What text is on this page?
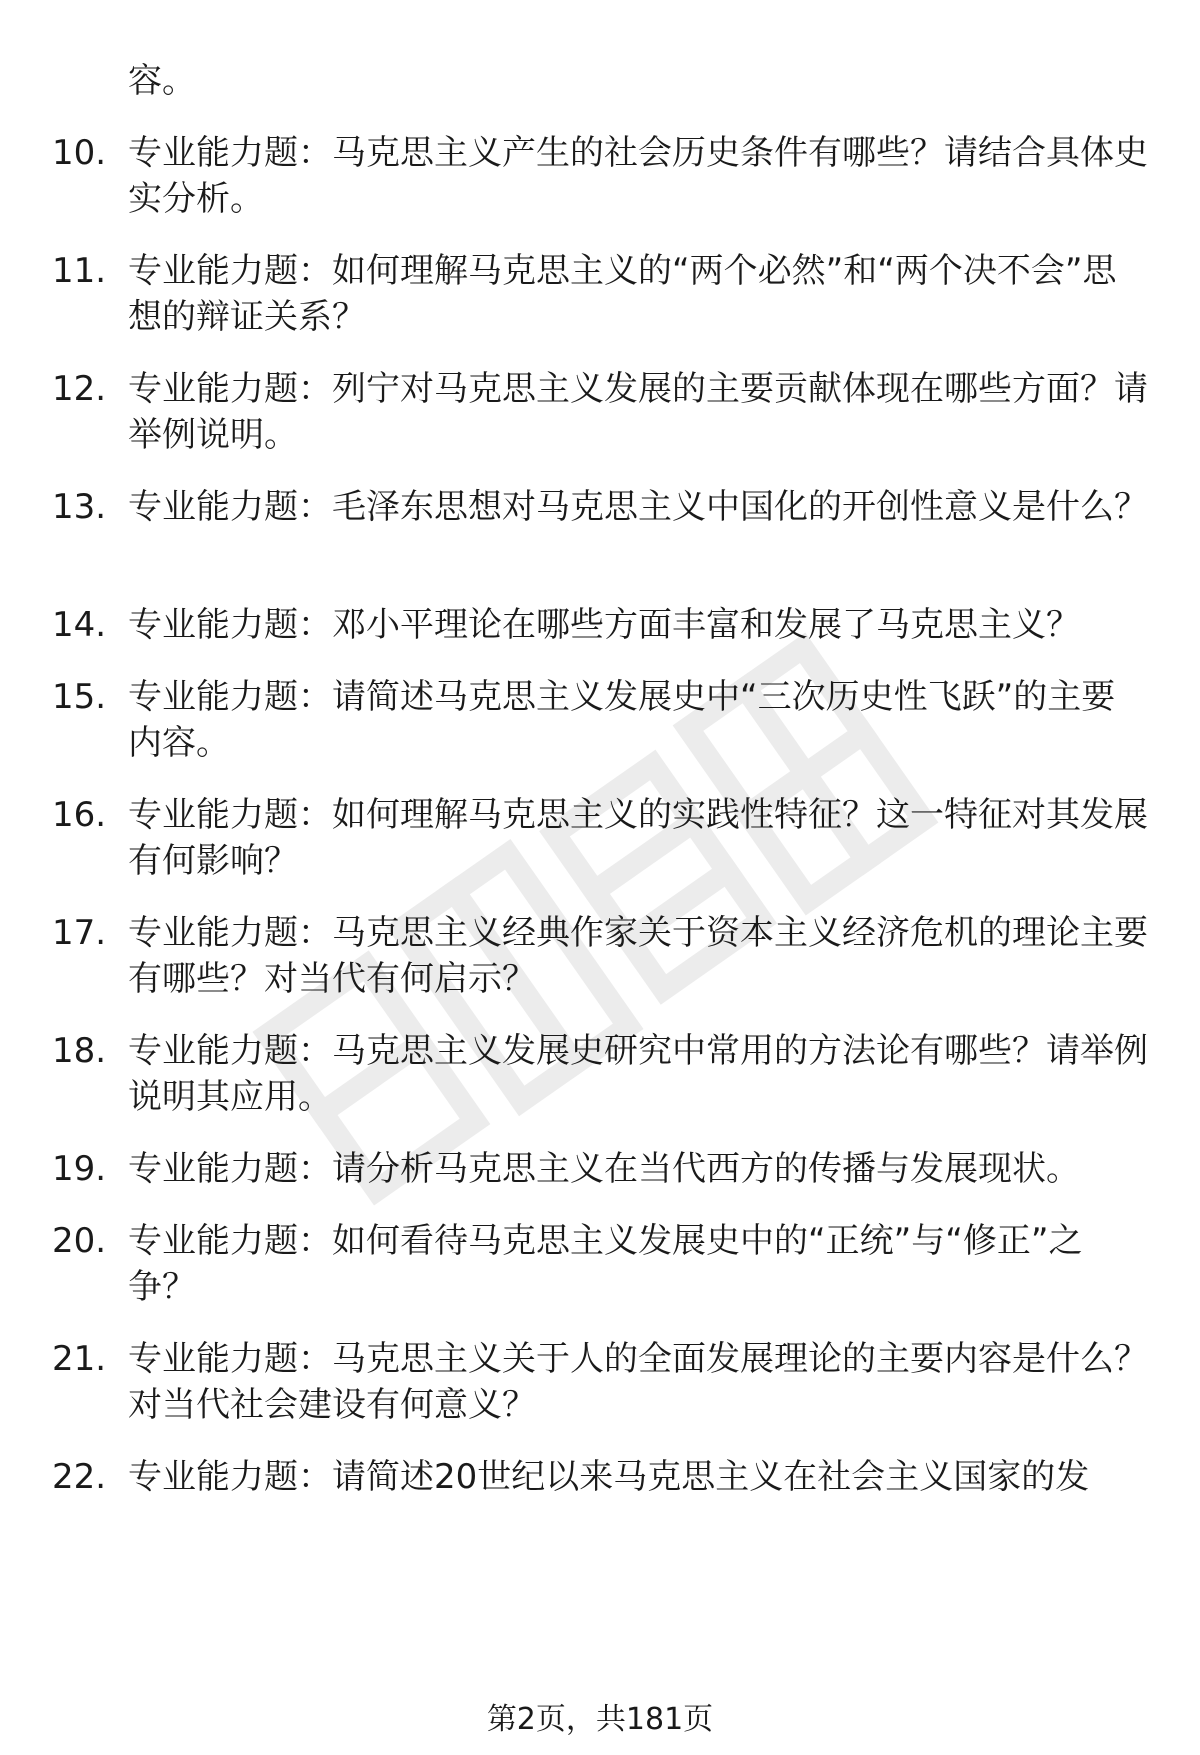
容。

10. 专业能力题：马克思主义产生的社会历史条件有哪些？请结合具体史实分析。

11. 专业能力题：如何理解马克思主义的“两个必然”和“两个决不会”思想的辩证关系？

12. 专业能力题：列宁对马克思主义发展的主要贡献体现在哪些方面？请举例说明。

13. 专业能力题：毛泽东思想对马克思主义中国化的开创性意义是什么？

14. 专业能力题：邓小平理论在哪些方面丰富和发展了马克思主义？

15. 专业能力题：请简述马克思主义发展史中“三次历史性飞跃”的主要内容。

16. 专业能力题：如何理解马克思主义的实践性特征？这一特征对其发展有何影响？

17. 专业能力题：马克思主义经典作家关于资本主义经济危机的理论主要有哪些？对当代有何启示？

18. 专业能力题：马克思主义发展史研究中常用的方法论有哪些？请举例说明其应用。

19. 专业能力题：请分析马克思主义在当代西方的传播与发展现状。

20. 专业能力题：如何看待马克思主义发展史中的“正统”与“修正”之争？

21. 专业能力题：马克思主义关于人的全面发展理论的主要内容是什么？对当代社会建设有何意义？

22. 专业能力题：请简述20世纪以来马克思主义在社会主义国家的发

第2页，共181页
